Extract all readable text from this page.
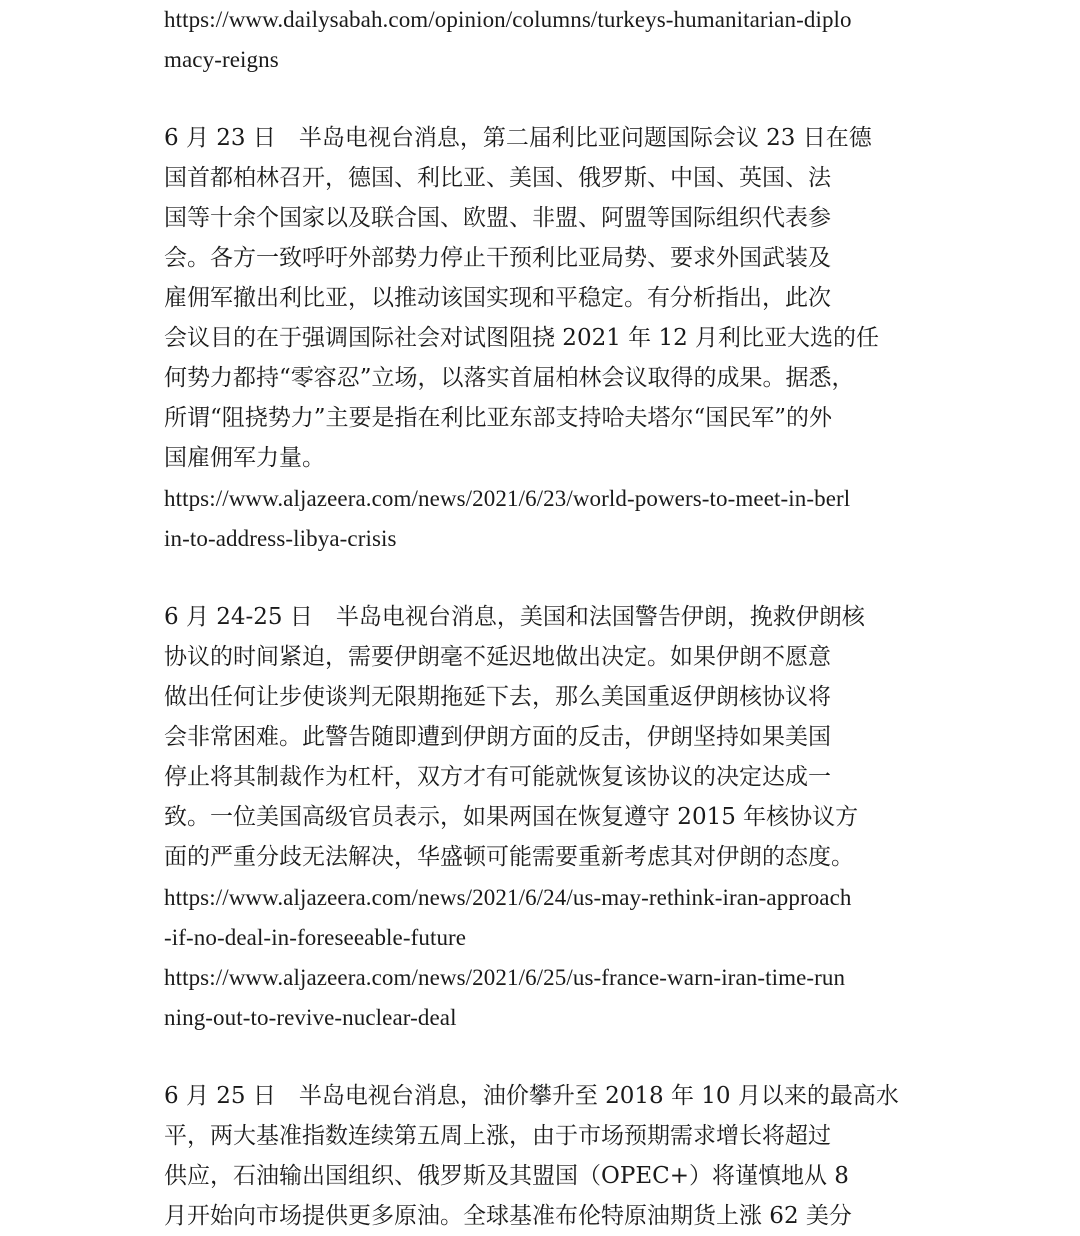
https://www.dailysabah.com/opinion/columns/turkeys-humanitarian-diplo
macy-reigns
6 月 23 日　半岛电视台消息，第二届利比亚问题国际会议 23 日在德
国首都柏林召开，德国、利比亚、美国、俄罗斯、中国、英国、法
国等十余个国家以及联合国、欧盟、非盟、阿盟等国际组织代表参
会。各方一致呼吁外部势力停止干预利比亚局势、要求外国武装及
雇佣军撤出利比亚，以推动该国实现和平稳定。有分析指出，此次
会议目的在于强调国际社会对试图阻挠 2021 年 12 月利比亚大选的任
何势力都持“零容忍”立场，以落实首届柏林会议取得的成果。据悉，
所谓“阻挠势力”主要是指在利比亚东部支持哈夫塔尔“国民军”的外
国雇佣军力量。
https://www.aljazeera.com/news/2021/6/23/world-powers-to-meet-in-berl
in-to-address-libya-crisis
6 月 24-25 日　半岛电视台消息，美国和法国警告伊朗，挽救伊朗核
协议的时间紧迫，需要伊朗毫不延迟地做出决定。如果伊朗不愿意
做出任何让步使谈判无限期拖延下去，那么美国重返伊朗核协议将
会非常困难。此警告随即遭到伊朗方面的反击，伊朗坚持如果美国
停止将其制裁作为杠杆，双方才有可能就恢复该协议的决定达成一
致。一位美国高级官员表示，如果两国在恢复遵守 2015 年核协议方
面的严重分歧无法解决，华盛顿可能需要重新考虑其对伊朗的态度。
https://www.aljazeera.com/news/2021/6/24/us-may-rethink-iran-approach
-if-no-deal-in-foreseeable-future
https://www.aljazeera.com/news/2021/6/25/us-france-warn-iran-time-run
ning-out-to-revive-nuclear-deal
6 月 25 日　半岛电视台消息，油价攀升至 2018 年 10 月以来的最高水
平，两大基准指数连续第五周上涨，由于市场预期需求增长将超过
供应，石油输出国组织、俄罗斯及其盟国（OPEC+）将谨慎地从 8
月开始向市场提供更多原油。全球基准布伦特原油期货上涨 62 美分
